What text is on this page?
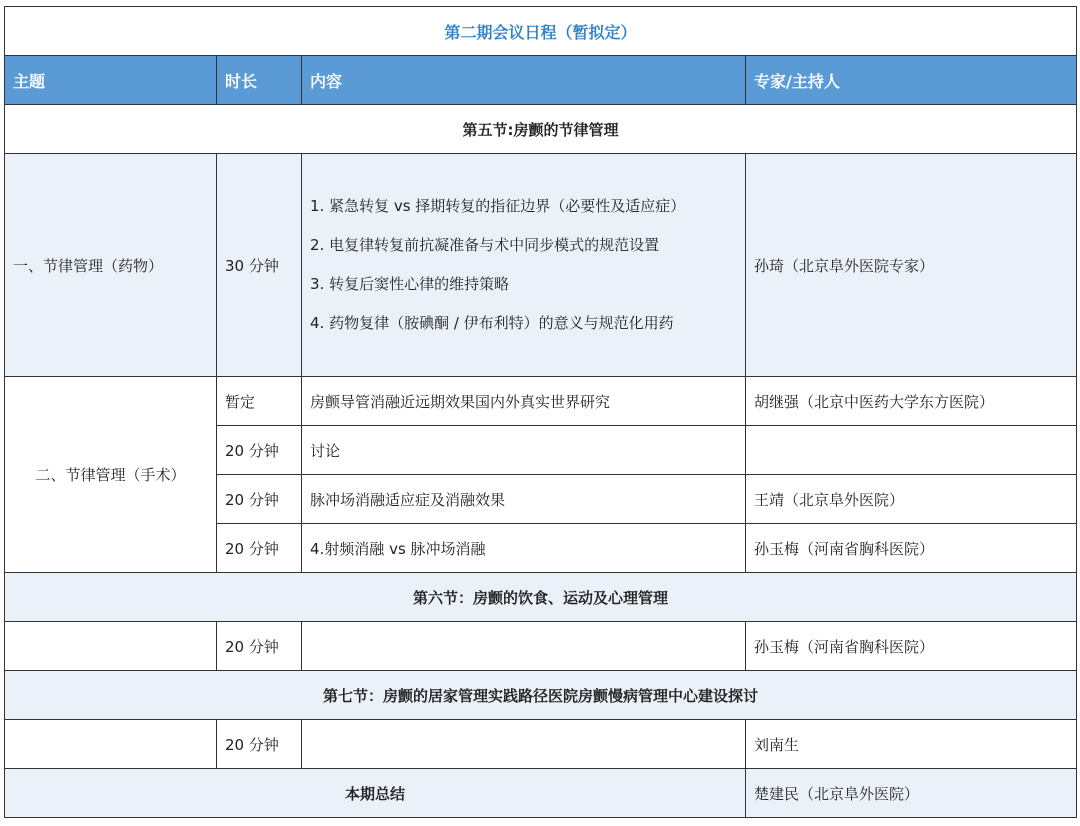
第二期会议日程（暂拟定）			
主题	时长	内容	专家/主持人
第五节:房颤的节律管理			
一、节律管理（药物）	30 分钟	1. 紧急转复 vs 择期转复的指征边界（必要性及适应症）
2. 电复律转复前抗凝准备与术中同步模式的规范设置
3. 转复后窦性心律的维持策略
4. 药物复律（胺碘酮 / 伊布利特）的意义与规范化用药	孙琦（北京阜外医院专家）
二、节律管理（手术）	暂定	房颤导管消融近远期效果国内外真实世界研究	胡继强（北京中医药大学东方医院）
	20 分钟	讨论	
	20 分钟	脉冲场消融适应症及消融效果	王靖（北京阜外医院）
	20 分钟	4.射频消融 vs 脉冲场消融	孙玉梅（河南省胸科医院）
第六节：房颤的饮食、运动及心理管理			
	20 分钟		孙玉梅（河南省胸科医院）
第七节：房颤的居家管理实践路径医院房颤慢病管理中心建设探讨			
	20 分钟		刘南生
本期总结			楚建民（北京阜外医院）
